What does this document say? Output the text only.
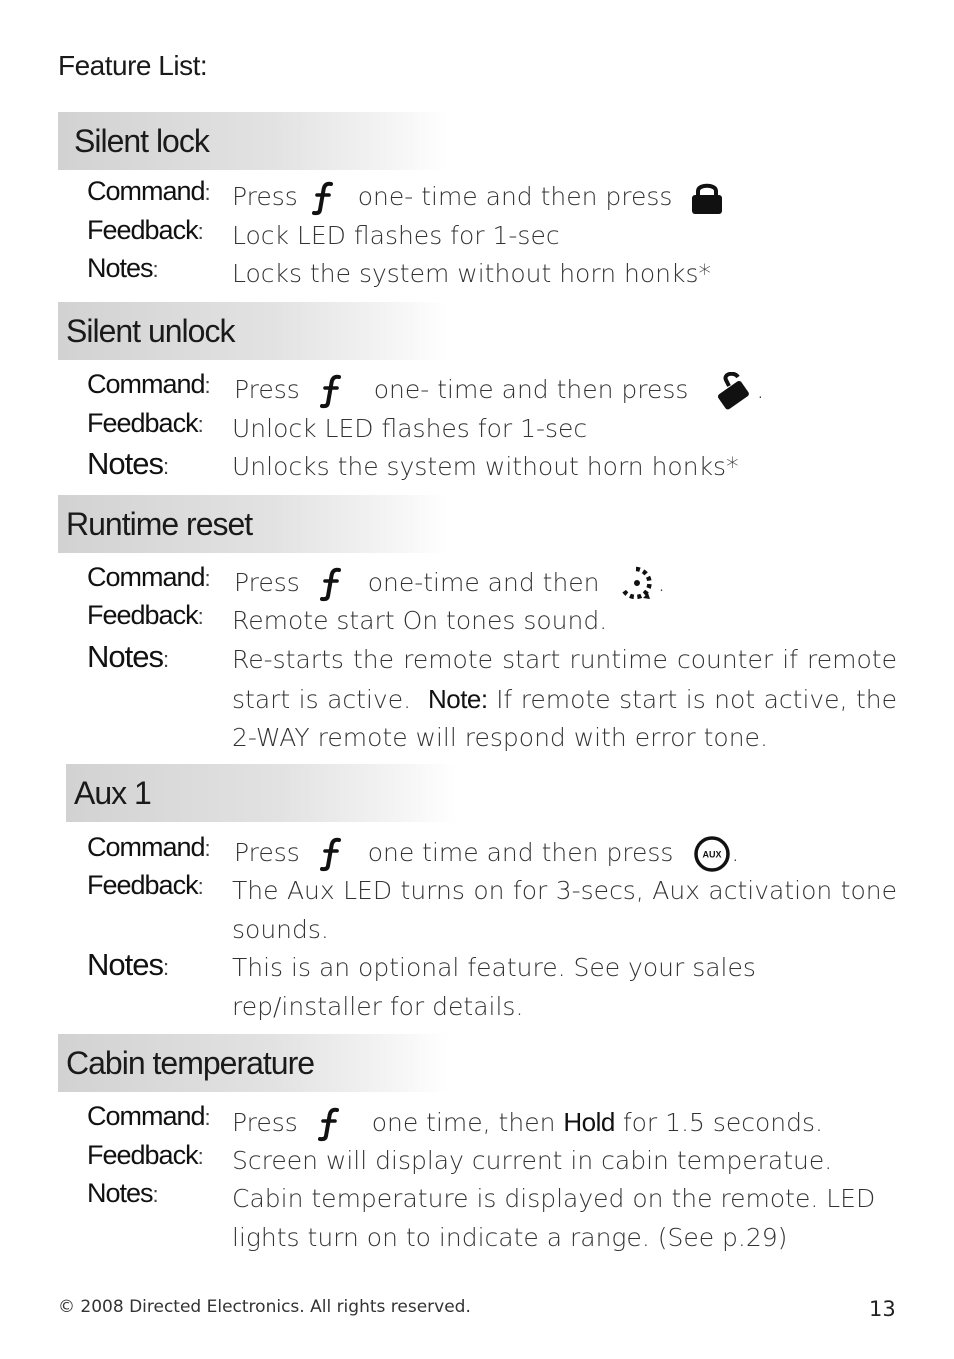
Feature List:
Silent lock
Command: Press one- time and then press
Feedback: Lock LED flashes for 1-sec
Notes:	Locks the system without horn honks*
Silent unlock
Command: Press	one- time and then press	.
Feedback: Unlock LED flashes for 1-sec
Notes:	Unlocks the system without horn honks*
Runtime reset
Command: Press	one-time and then .
Feedback: Remote start On tones sound.
Notes:	Re-starts the remote start runtime counter if remote start is active. Note: If remote start is not active, the 2-WAY remote will respond with error tone.
Aux 1
Command: Press	one time and then press	AUX .
Feedback: The Aux LED turns on for 3-secs, Aux activation tone sounds.
Notes:	This is an optional feature. See your sales rep/installer for details.
Cabin temperature
Command: Press	one time, then Hold for 1.5 seconds.
Feedback: Screen will display current in cabin temperatue.
Notes:	Cabin temperature is displayed on the remote. LED lights turn on to indicate a range. (See p.29)
© 2008 Directed Electronics. All rights reserved.	13
